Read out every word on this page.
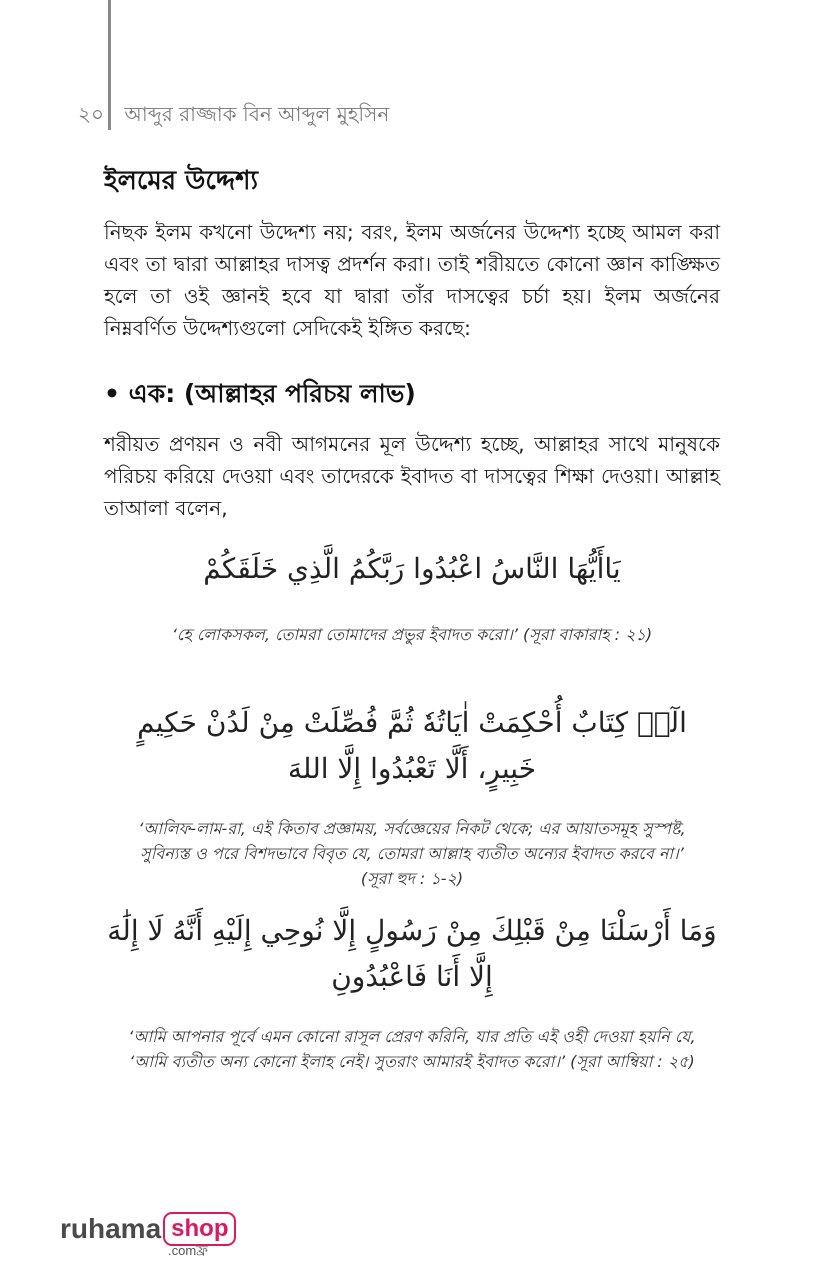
২০ আব্দুর রাজ্জাক বিন আব্দুল মুহসিন
ইলমের উদ্দেশ্য
নিছক ইলম কখনো উদ্দেশ্য নয়; বরং, ইলম অর্জনের উদ্দেশ্য হচ্ছে আমল করা এবং তা দ্বারা আল্লাহর দাসত্ব প্রদর্শন করা। তাই শরীয়তে কোনো জ্ঞান কাঙ্ক্ষিত হলে তা ওই জ্ঞানই হবে যা দ্বারা তাঁর দাসত্বের চর্চা হয়। ইলম অর্জনের নিম্নবর্ণিত উদ্দেশ্যগুলো সেদিকেই ইঙ্গিত করছে:
• এক: (আল্লাহর পরিচয় লাভ)
শরীয়ত প্রণয়ন ও নবী আগমনের মূল উদ্দেশ্য হচ্ছে, আল্লাহর সাথে মানুষকে পরিচয় করিয়ে দেওয়া এবং তাদেরকে ইবাদত বা দাসত্বের শিক্ষা দেওয়া। আল্লাহ তাআলা বলেন,
يَاأَيُّهَا النَّاسُ اعْبُدُوا رَبَّكُمُ الَّذِي خَلَقَكُمْ
‘হে লোকসকল, তোমরা তোমাদের প্রভুর ইবাদত করো।’ (সূরা বাকারাহ : ২১)
الٓرۚ كِتَابٌ أُحْكِمَتْ اٰيَاتُهٗ ثُمَّ فُصِّلَتْ مِنْ لَدُنْ حَكِيمٍ خَبِيرٍ، أَلَّا تَعْبُدُوا إِلَّا اللهَ
‘আলিফ-লাম-রা, এই কিতাব প্রজ্ঞাময়, সর্বজ্ঞেয়ের নিকট থেকে; এর আয়াতসমূহ সুস্পষ্ট, সুবিন্যস্ত ও পরে বিশদভাবে বিবৃত যে, তোমরা আল্লাহ ব্যতীত অন্যের ইবাদত করবে না।’ (সূরা হুদ : ১-২)
وَمَا أَرْسَلْنَا مِنْ قَبْلِكَ مِنْ رَسُولٍ إِلَّا نُوحِي إِلَيْهِ أَنَّهُ لَا إِلَٰهَ إِلَّا أَنَا فَاعْبُدُونِ
‘আমি আপনার পূর্বে এমন কোনো রাসূল প্রেরণ করিনি, যার প্রতি এই ওহী দেওয়া হয়নি যে, ‘আমি ব্যতীত অন্য কোনো ইলাহ নেই। সুতরাং আমারই ইবাদত করো।’ (সূরা আম্বিয়া : ২৫)
ruhama shop
.comফ্র
